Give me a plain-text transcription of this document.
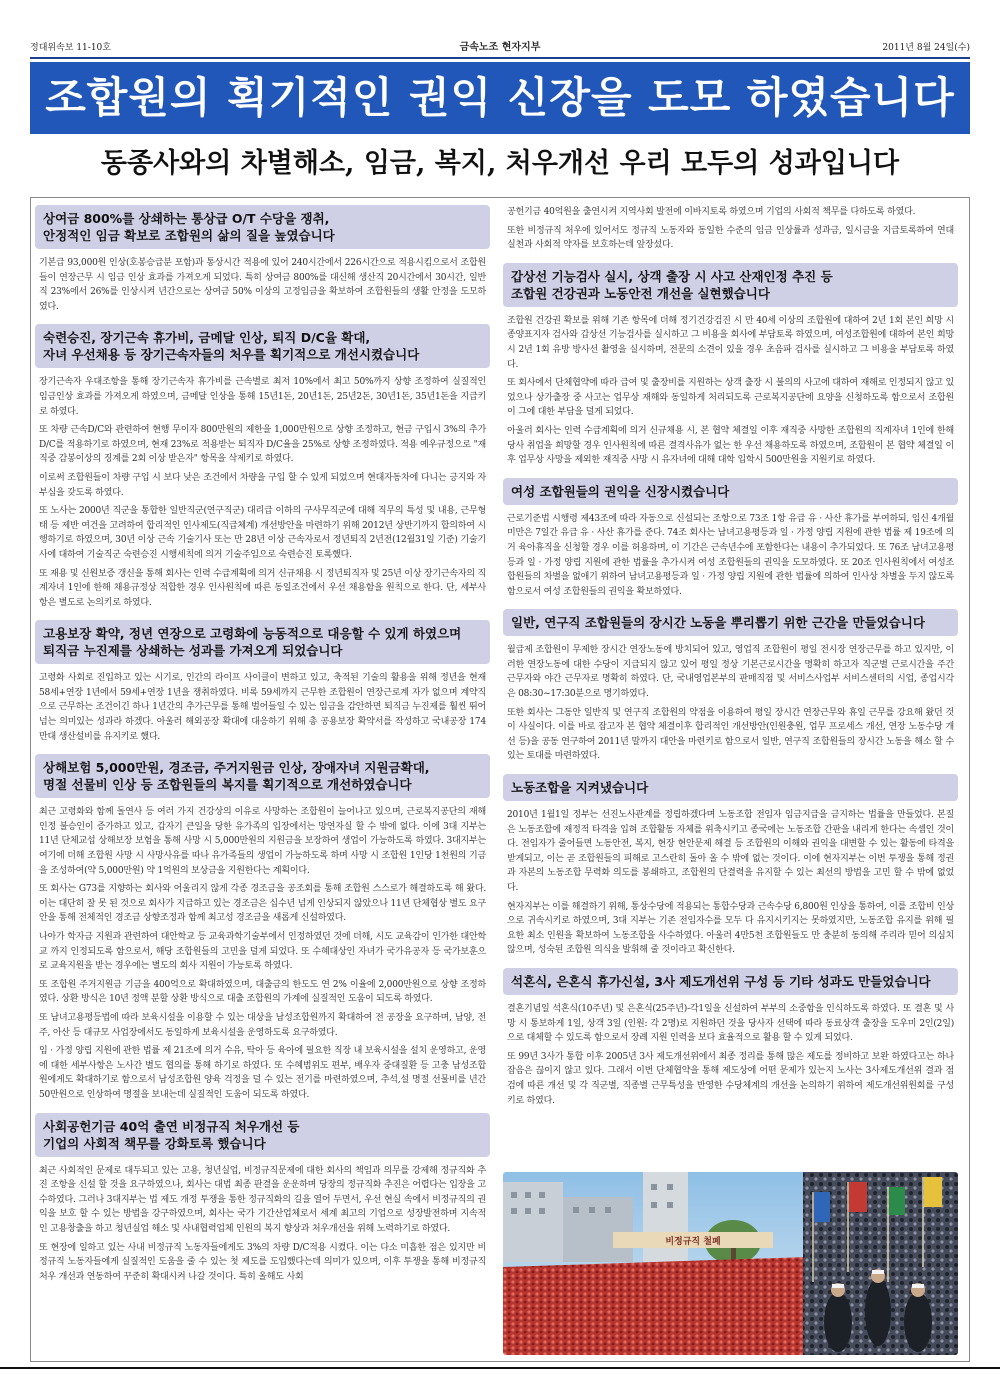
정대위속보 11-10호	금속노조 현자지부	2011년 8월 24일(수)
조합원의 획기적인 권익 신장을 도모 하였습니다
동종사와의 차별해소, 임금, 복지, 처우개선 우리 모두의 성과입니다
상여금 800%를 상쇄하는 통상급 O/T 수당을 쟁취,
안정적인 임금 확보로 조합원의 삶의 질을 높였습니다

기본급 93,000원 인상(호봉승급분 포함)과 통상시간 적용에 있어 240시간에서 226시간으로 적용시킴으로서 조합원들이 연장근무 시 임금 인상 효과를 가져오게 되었다. 특히 상여금 800%를 대신해 생산직 20시간에서 30시간, 일반직 23%에서 26%를 인상시켜 년간으로는 상여금 50% 이상의 고정임금을 확보하여 조합원들의 생활 안정을 도모하였다.

숙련승진, 장기근속 휴가비, 금메달 인상, 퇴직 D/C율 확대,
자녀 우선채용 등 장기근속자들의 처우를 획기적으로 개선시켰습니다

장기근속자 우대조항을 통해 장기근속자 휴가비를 근속별로 최저 10%에서 최고 50%까지 상향 조정하여 실질적인 임금인상 효과를 가져오게 하였으며, 금메달 인상을 통해 15년1돈, 20년1돈, 25년2돈, 30년1돈, 35년1돈을 지급키로 하였다.

또 차량 근속D/C와 관련하여 현행 무이자 800만원의 제한을 1,000만원으로 상향 조정하고, 현금 구입시 3%의 추가 D/C를 적용하기로 하였으며, 현재 23%로 적용받는 퇴직자 D/C율을 25%로 상향 조정하였다. 적용 예우규정으로 "재직중 감봉이상의 징계를 2회 이상 받은자" 항목을 삭제키로 하였다.

이로써 조합원들이 차량 구입 시 보다 낮은 조건에서 차량을 구입 할 수 있게 되었으며 현대자동차에 다니는 긍지와 자부심을 갖도록 하였다.

또 노사는 2000년 직군을 통합한 일반직군(연구직군) 대리급 이하의 구사무직군에 대해 직무의 특성 및 내용, 근무형태 등 제반 여건을 고려하여 합리적인 인사제도(직급체계) 개선방안을 마련하기 위해 2012년 상반기까지 합의하여 시행하기로 하였으며, 30년 이상 근속 기술기사 또는 만 28년 이상 근속자로서 정년퇴직 2년전(12월31일 기준) 기술기사에 대하여 기술직군 숙련승진 시행세칙에 의거 기술주임으로 숙련승진 토록했다.

또 재용 및 신원보증 갱신을 통해 회사는 인력 수급계획에 의거 신규채용 시 정년퇴직자 및 25년 이상 장기근속자의 직계자녀 1인에 한해 채용규정상 적합한 경우 인사원칙에 따른 동일조건에서 우선 채용함을 원칙으로 한다. 단, 세부사항은 별도로 논의키로 하였다.

고용보장 확약, 정년 연장으로 고령화에 능동적으로 대응할 수 있게 하였으며
퇴직금 누진제를 상쇄하는 성과를 가져오게 되었습니다

고령화 사회로 진입하고 있는 시기로, 인간의 라이프 사이클이 변하고 있고, 축적된 기술의 활용을 위해 정년을 현재 58세+연장 1년에서 59세+연장 1년을 쟁취하였다. 비록 59세까지 근무한 조합원이 연장근로계 자가 없으며 계약직으로 근무하는 조건이긴 하나 1년간의 추가근무를 통해 벌어들일 수 있는 임금을 감안하면 퇴직금 누진제를 훨씬 뛰어넘는 의미있는 성과라 하겠다. 아울러 해외공장 확대에 대응하기 위해 총 공용보장 확약서를 작성하고 국내공장 174만대 생산설비를 유지키로 했다.

상해보험 5,000만원, 경조금, 주거지원금 인상, 장애자녀 지원금확대,
명절 선물비 인상 등 조합원들의 복지를 획기적으로 개선하였습니다

최근 고령화와 함께 돌연사 등 여러 가지 건강상의 이유로 사망하는 조합원이 늘어나고 있으며, 근로복지공단의 재해인정 불승인이 증가하고 있고, 갑자기 큰일을 당한 유가족의 입장에서는 망연자실 할 수 밖에 없다. 이에 3대 지부는 11년 단체교섭 상해보장 보험을 통해 사망 시 5,000만원의 지원금을 보장하여 생업이 가능하도록 하였다. 3대지부는 여기에 더해 조합원 사망 시 사망사유를 따나 유가족들의 생업이 가능하도록 하며 사망 시 조합원 1인당 1천원의 기금을 조성하여(약 5,000만원) 약 1억원의 보상금을 지원한다는 계획이다.

또 회사는 G73를 지향하는 회사와 어울리지 않게 각종 경조금을 공조회를 통해 조합원 스스로가 해결하도록 해 왔다. 이는 대단히 잘 못 된 것으로 회사가 지급하고 있는 경조금은 십수년 넘게 인상되지 않았으나 11년 단체협상 별도 요구안을 통해 전체적인 경조금 상향조정과 함께 최고성 경조금을 새롭게 신설하였다.

나아가 학자금 지원과 관련하여 대안학교 등 교육과학기술부에서 인정하였던 것에 더해, 시도 교육감이 인가한 대안학교 까지 인정되도록 함으로서, 해당 조합원들의 고민을 덜게 되었다. 또 수혜대상인 자녀가 국가유공자 등 국가보훈으로 교육지원을 받는 경우에는 별도의 회사 지원이 가능토록 하였다.

또 조합원 주거지원금 기금을 400억으로 확대하였으며, 대출금의 한도도 연 2% 이율에 2,000만원으로 상향 조정하였다. 상환 방식은 10년 정액 분할 상환 방식으로 대출 조합원의 가계에 실질적인 도움이 되도록 하였다.

또 남녀고용평등법에 따라 보육시설을 이용할 수 있는 대상을 남성조합원까지 확대하여 전 공장을 요구하며, 남양, 전주, 아산 등 대규모 사업장에서도 동일하게 보육시설을 운영하도록 요구하였다.

임 · 가정 양립 지원에 관한 법률 제 21조에 의거 수유, 탁아 등 육아에 필요한 직장 내 보육시설을 설치 운영하고, 운영에 대한 세부사항은 노사간 별도 협의를 통해 하기로 하였다. 또 수혜범위도 편부, 배우자 중대질환 등 고충 남성조합원에게도 확대하기로 함으로서 남성조합원 양육 걱정을 덜 수 있는 전기를 마련하였으며, 추석,설 명절 선물비를 년간 50만원으로 인상하여 명절을 보내는데 실질적인 도움이 되도록 하였다.

사회공헌기금 40억 출연 비정규직 처우개선 등
기업의 사회적 책무를 강화토록 했습니다

최근 사회적인 문제로 대두되고 있는 고용, 청년실업, 비정규직문제에 대한 회사의 책임과 의무를 강제해 정규직화 추진 조항을 신설 할 것을 요구하였으나, 회사는 대법 최종 판결을 운운하며 당장의 정규직화 추진은 어렵다는 입장을 고수하였다. 그러나 3대지부는 법 제도 개정 투쟁을 통한 정규직화의 길을 열어 두면서, 우선 현실 속에서 비정규직의 권익을 보호 할 수 있는 방법을 강구하였으며, 회사는 국가 기간산업체로서 세계 최고의 기업으로 성장발전하며 지속적인 고용창출을 하고 청년실업 해소 및 사내협력업체 인원의 복지 향상과 처우개선을 위해 노력하기로 하였다.

또 현장에 일하고 있는 사내 비정규직 노동자들에게도 3%의 차량 D/C적용 시켰다. 이는 다소 미흡한 점은 있지만 비정규직 노동자들에게 실질적인 도움을 줄 수 있는 첫 제도를 도입했다는데 의미가 있으며, 이후 투쟁을 통해 비정규직 처우 개선과 연동하여 꾸준히 확대시켜 나갈 것이다. 특히 올해도 사회

공헌기금 40억원을 출연시켜 지역사회 발전에 이바지토록 하였으며 기업의 사회적 책무를 다하도록 하였다.

또한 비정규직 처우에 있어서도 정규직 노동자와 동일한 수준의 임금 인상률과 성과금, 일시금을 지급토록하여 연대 실천과 사회적 약자를 보호하는데 앞장섰다.

갑상선 기능검사 실시, 상객 출장 시 사고 산재인정 추진 등
조합원 건강권과 노동안전 개선을 실현했습니다

조합원 건강권 확보를 위해 기존 항목에 더해 정기건강검진 시 만 40세 이상의 조합원에 대하여 2년 1회 본인 희망 시 종양표지자 검사와 갑상선 기능검사를 실시하고 그 비용을 회사에 부담토록 하였으며, 여성조합원에 대하여 본인 희망시 2년 1회 유방 방사선 촬영을 실시하며, 전문의 소견이 있을 경우 초음파 검사를 실시하고 그 비용을 부담토록 하였다.

또 회사에서 단체협약에 따라 급여 및 출장비를 지원하는 상객 출장 시 불의의 사고에 대하여 재해로 인정되지 않고 있었으나 상가출장 중 사고는 업무상 재해와 동일하게 처리되도록 근로복지공단에 요양을 신청하도록 함으로서 조합원이 그에 대한 부담을 덜게 되었다.

아울러 회사는 인력 수급계획에 의거 신규채용 시, 본 협약 체결일 이후 재직중 사망한 조합원의 직계자녀 1인에 한해 당사 취업을 희망할 경우 인사원칙에 따른 결격사유가 없는 한 우선 채용하도록 하였으며, 조합원이 본 협약 체결일 이후 업무상 사망을 제외한 재직중 사망 시 유자녀에 대해 대학 입학시 500만원을 지원키로 하였다.

여성 조합원들의 권익을 신장시켰습니다

근로기준법 시행령 제43조에 따라 자동으로 신설되는 조항으로 73조 1항 유급 유 · 사산 휴가를 부여하되, 임신 4개월 미만은 7일간 유급 유 · 사산 휴가를 준다. 74조 회사는 남녀고용평등과 일 · 가정 양립 지원에 관한 법률 제 19조에 의거 육아휴직을 신청할 경우 이를 허용하며, 이 기간은 근속년수에 포함한다는 내용이 추가되었다. 또 76조 남녀고용평등과 일 · 가정 양립 지원에 관한 법률을 추가시켜 여성 조합원들의 권익을 도모하였다. 또 20조 인사원칙에서 여성조합원들의 차별을 없애기 위하여 남녀고용평등과 일 · 가정 양립 지원에 관한 법률에 의하여 인사상 차별을 두지 않도록 함으로서 여성 조합원들의 권익을 확보하였다.

일반, 연구직 조합원들의 장시간 노동을 뿌리뽑기 위한 근간을 만들었습니다

월급제 조합원이 무제한 장시간 연장노동에 방치되어 있고, 영업직 조합원이 평일 전시장 연장근무를 하고 있지만, 이러한 연장노동에 대한 수당이 지급되지 않고 있어 평일 정상 기본근로시간을 명확히 하고자 직군별 근로시간을 주간 근무자와 야간 근무자로 명확히 하였다. 단, 국내영업본부의 판매직점 및 서비스사업부 서비스센터의 시업, 종업시각은 08:30~17:30분으로 명기하였다.

또한 회사는 그동안 일반직 및 연구직 조합원의 약점을 이용하여 평일 장시간 연장근무와 휴일 근무를 강요해 왔던 것이 사실이다. 이를 바로 잡고자 본 협약 체결이후 합리적인 개선방안(인원충원, 업무 프로세스 개선, 연장 노동수당 개선 등)을 공동 연구하여 2011년 말까지 대안을 마련키로 함으로서 일반, 연구직 조합원들의 장시간 노동을 해소 할 수 있는 토대를 마련하였다.

노동조합을 지켜냈습니다

2010년 1월1일 정부는 선진노사관계를 정립하겠다며 노동조합 전임자 임금지급을 금지하는 법률을 만들었다. 본질은 노동조합에 재정적 타격을 입혀 조합활동 자체를 위축시키고 종국에는 노동조합 간판을 내리게 한다는 속셈인 것이다. 전임자가 줄어들면 노동안전, 복지, 현장 현안문제 해결 등 조합원의 이해와 권익을 대변할 수 있는 활동에 타격을 받게되고, 이는 곧 조합원들의 피해로 고스란히 돌아 올 수 밖에 없는 것이다. 이에 현자지부는 이번 투쟁을 통해 정권과 자본의 노동조합 무력화 의도를 봉쇄하고, 조합원의 단결력을 유지할 수 있는 최선의 방법을 고민 할 수 밖에 없었다.

현자지부는 이를 해결하기 위해, 통상수당에 적용되는 통합수당과 근속수당 6,800원 인상을 통하여, 이를 조합비 인상으로 귀속시키로 하였으며, 3대 지부는 기존 전임자수를 모두 다 유지시키지는 못하였지만, 노동조합 유지를 위해 필요한 최소 인원을 확보하여 노동조합을 사수하였다. 아울러 4만5천 조합원들도 만 충분히 동의해 주리라 믿어 의심치 않으며, 성숙된 조합원 의식을 발휘해 줄 것이라고 확신한다.

석혼식, 은혼식 휴가신설, 3사 제도개선위 구성 등 기타 성과도 만들었습니다

결혼기념일 석혼식(10주년) 및 은혼식(25주년)-각1일을 신설하여 부부의 소중함을 인식하도록 하였다. 또 결혼 및 사망 시 통보하게 1일, 상객 3일 (인원: 각 2명)로 지원하던 것을 당사자 선택에 따라 동료상객 출장을 도우미 2인(2일)으로 대체할 수 있도록 함으로서 장례 지원 인력을 보다 효율적으로 활용 할 수 있게 되었다.

또 99년 3사가 통합 이후 2005년 3사 제도개선위에서 최종 정리를 통해 많은 제도를 정비하고 보완 하였다고는 하나 잡음은 끊이지 않고 있다. 그래서 이번 단체협약을 통해 제도상에 어떤 문제가 있는지 노사는 3사제도개선위 결과 점검에 따른 개선 및 각 직군별, 직종별 근무특성을 반영한 수당체계의 개선을 논의하기 위하여 제도개선위원회를 구성키로 하였다.

비정규직 철폐
